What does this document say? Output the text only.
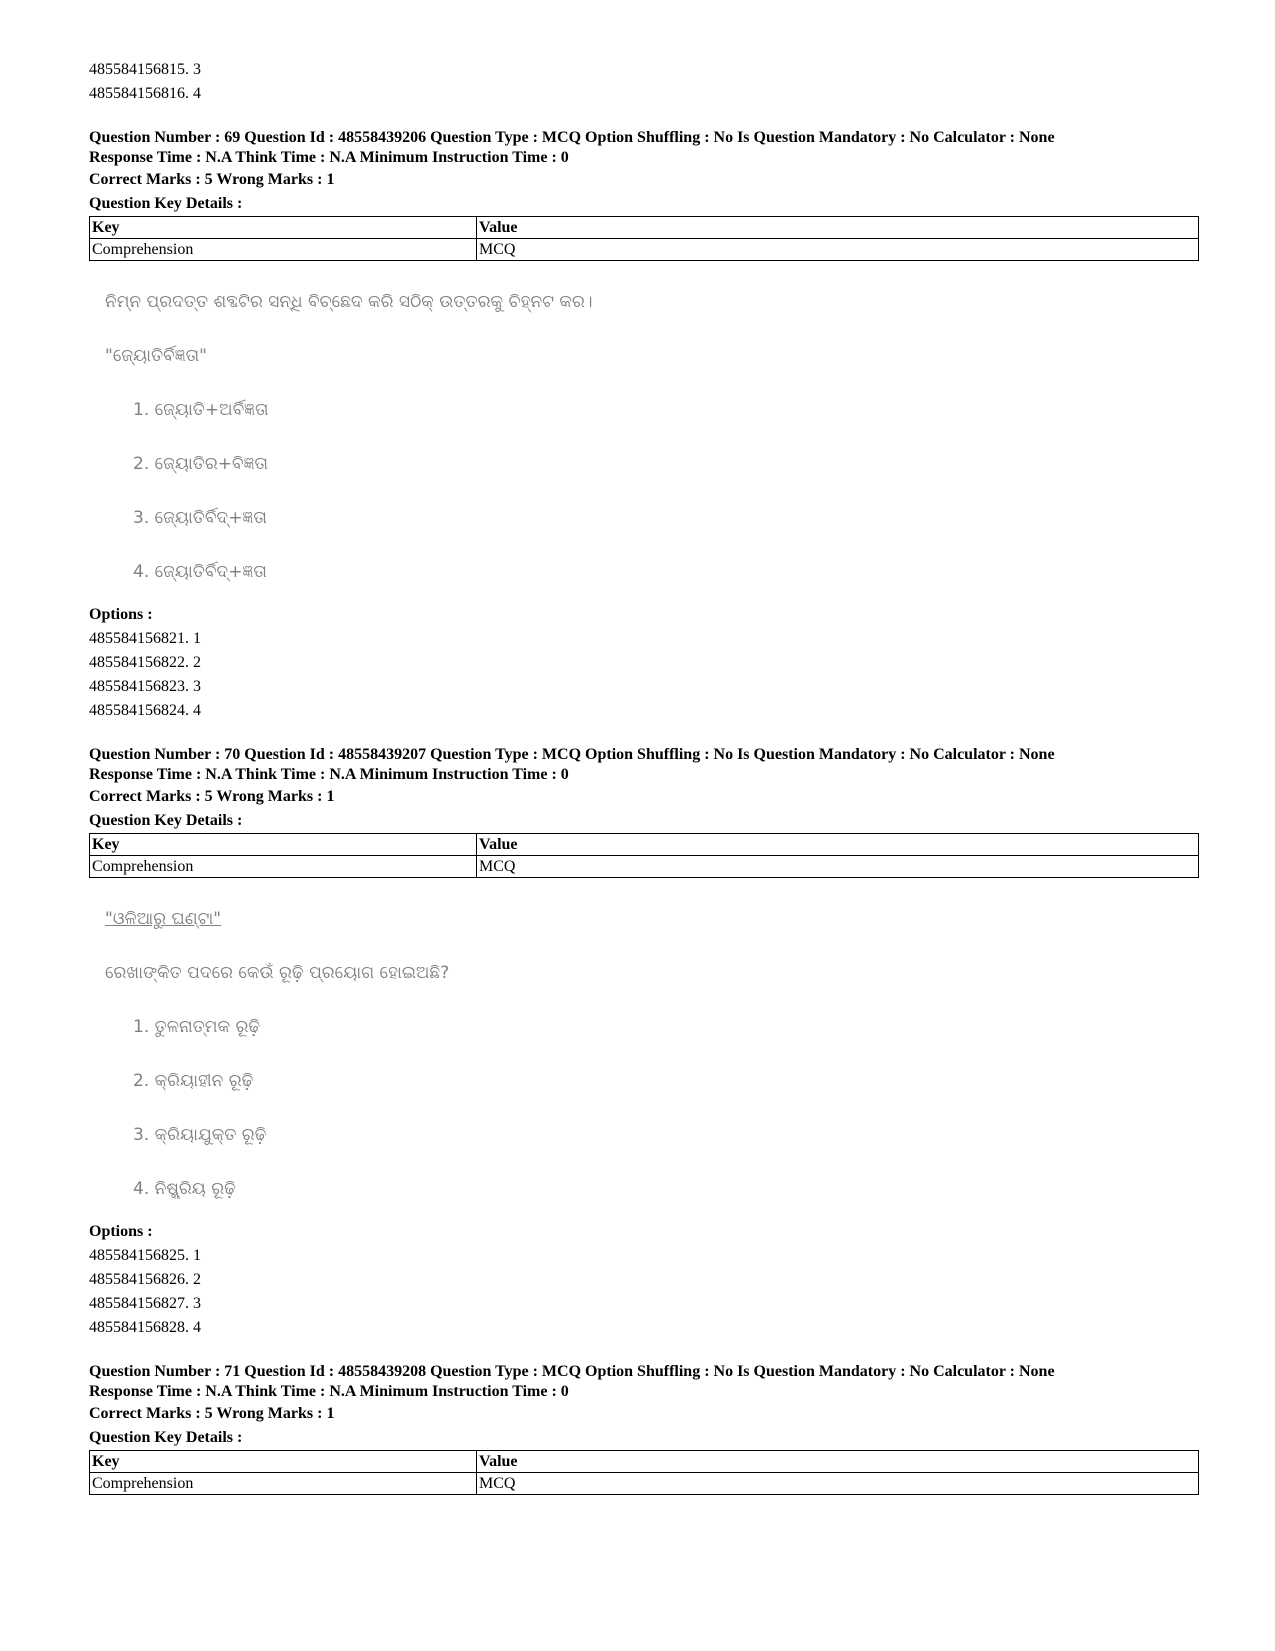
485584156815. 3
485584156816. 4
Question Number : 69 Question Id : 48558439206 Question Type : MCQ Option Shuffling : No Is Question Mandatory : No Calculator : None
Response Time : N.A Think Time : N.A Minimum Instruction Time : 0
Correct Marks : 5 Wrong Marks : 1
Question Key Details :
Key	Value
Comprehension	MCQ
ନିମ୍ନ ପ୍ରଦତ୍ତ ଶବ୍ଦଟିର ସନ୍ଧି ବିଚ୍ଛେଦ କରି ସଠିକ୍ ଉତ୍ତରକୁ ଚିହ୍ନଟ କର।
"ଜ୍ୟୋତିର୍ବିଜ୍ଞତା"
1. ଜ୍ୟୋତି+ଅର୍ବିଜ୍ଞତା
2. ଜ୍ୟୋତିର+ବିଜ୍ଞତା
3. ଜ୍ୟୋତିର୍ବିଦ୍+ଜ୍ଞତା
4. ଜ୍ୟୋତିର୍ବିଦ୍+ଜ୍ଞତା
Options :
485584156821. 1
485584156822. 2
485584156823. 3
485584156824. 4
Question Number : 70 Question Id : 48558439207 Question Type : MCQ Option Shuffling : No Is Question Mandatory : No Calculator : None
Response Time : N.A Think Time : N.A Minimum Instruction Time : 0
Correct Marks : 5 Wrong Marks : 1
Question Key Details :
Key	Value
Comprehension	MCQ
"ଓଳିଆରୁ ଘଣ୍ଟା"
ରେଖାଙ୍କିତ ପଦରେ କେଉଁ ରୂଢ଼ି ପ୍ରୟୋଗ ହୋଇଅଛି?
1. ତୁଳନାତ୍ମକ ରୂଢ଼ି
2. କ୍ରିୟାହୀନ ରୂଢ଼ି
3. କ୍ରିୟାଯୁକ୍ତ ରୂଢ଼ି
4. ନିଷ୍କ୍ରିୟ ରୂଢ଼ି
Options :
485584156825. 1
485584156826. 2
485584156827. 3
485584156828. 4
Question Number : 71 Question Id : 48558439208 Question Type : MCQ Option Shuffling : No Is Question Mandatory : No Calculator : None
Response Time : N.A Think Time : N.A Minimum Instruction Time : 0
Correct Marks : 5 Wrong Marks : 1
Question Key Details :
Key	Value
Comprehension	MCQ
